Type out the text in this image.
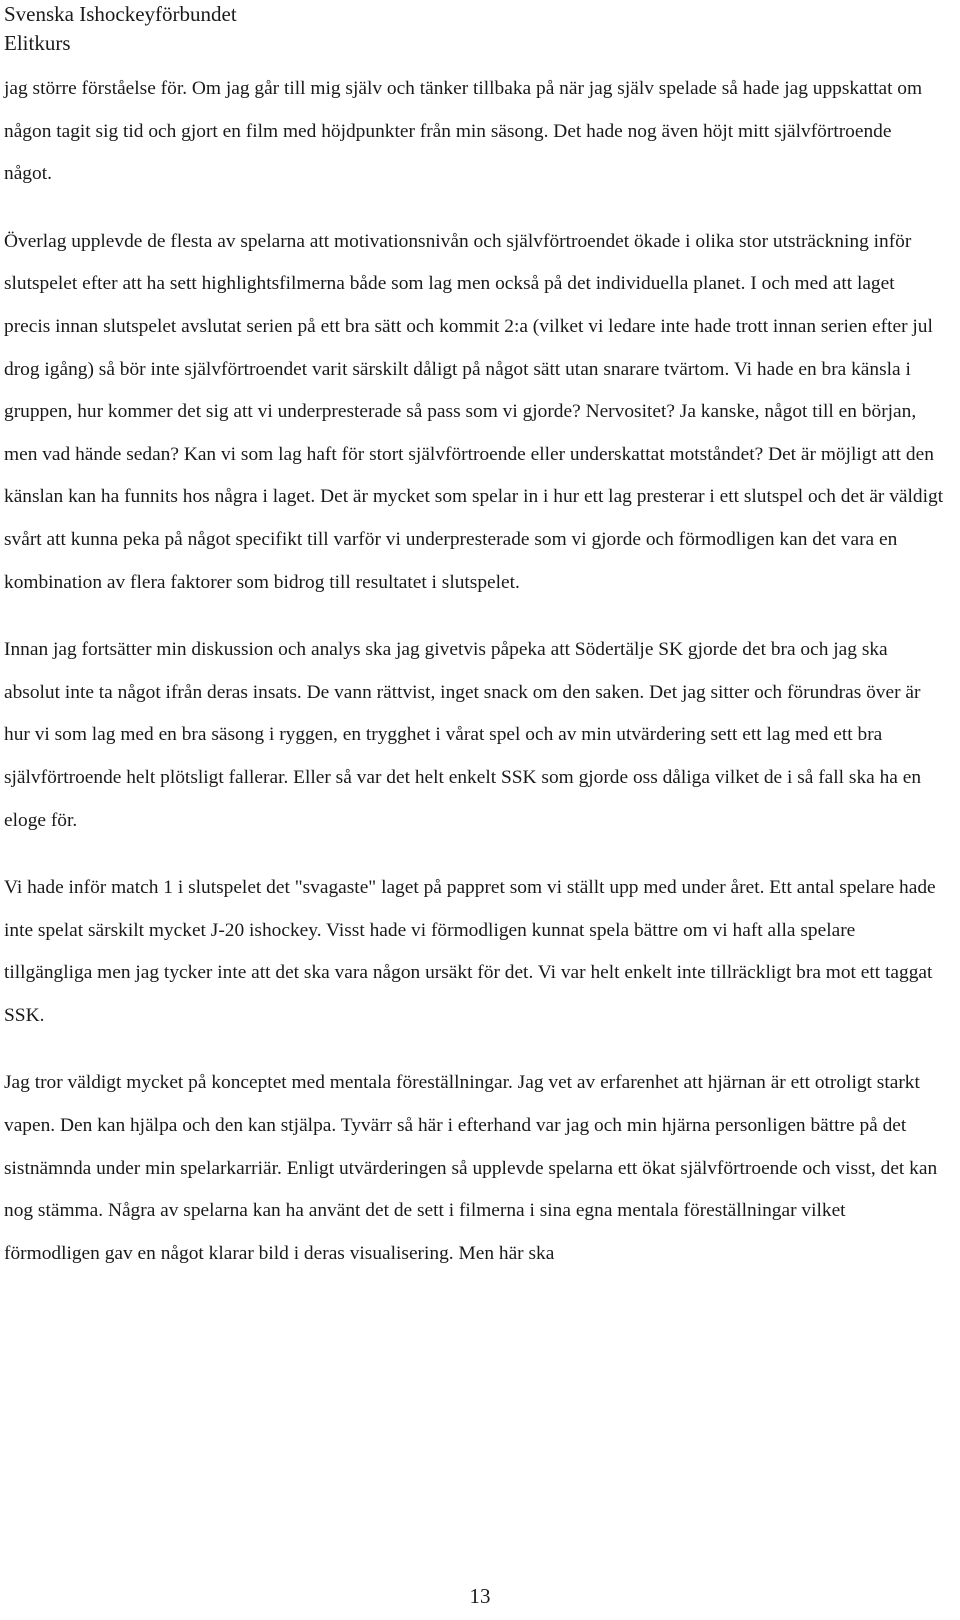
Svenska Ishockeyförbundet
Elitkurs

jag större förståelse för. Om jag går till mig själv och tänker tillbaka på när jag själv spelade så hade jag uppskattat om någon tagit sig tid och gjort en film med höjdpunkter från min säsong. Det hade nog även höjt mitt självförtroende något.

Överlag upplevde de flesta av spelarna att motivationsnivån och självförtroendet ökade i olika stor utsträckning inför slutspelet efter att ha sett highlightsfilmerna både som lag men också på det individuella planet. I och med att laget precis innan slutspelet avslutat serien på ett bra sätt och kommit 2:a (vilket vi ledare inte hade trott innan serien efter jul drog igång) så bör inte självförtroendet varit särskilt dåligt på något sätt utan snarare tvärtom. Vi hade en bra känsla i gruppen, hur kommer det sig att vi underpresterade så pass som vi gjorde? Nervositet? Ja kanske, något till en början, men vad hände sedan? Kan vi som lag haft för stort självförtroende eller underskattat motståndet? Det är möjligt att den känslan kan ha funnits hos några i laget. Det är mycket som spelar in i hur ett lag presterar i ett slutspel och det är väldigt svårt att kunna peka på något specifikt till varför vi underpresterade som vi gjorde och förmodligen kan det vara en kombination av flera faktorer som bidrog till resultatet i slutspelet.

Innan jag fortsätter min diskussion och analys ska jag givetvis påpeka att Södertälje SK gjorde det bra och jag ska absolut inte ta något ifrån deras insats. De vann rättvist, inget snack om den saken. Det jag sitter och förundras över är hur vi som lag med en bra säsong i ryggen, en trygghet i vårat spel och av min utvärdering sett ett lag med ett bra självförtroende helt plötsligt fallerar. Eller så var det helt enkelt SSK som gjorde oss dåliga vilket de i så fall ska ha en eloge för.

Vi hade inför match 1 i slutspelet det "svagaste" laget på pappret som vi ställt upp med under året. Ett antal spelare hade inte spelat särskilt mycket J-20 ishockey. Visst hade vi förmodligen kunnat spela bättre om vi haft alla spelare tillgängliga men jag tycker inte att det ska vara någon ursäkt för det. Vi var helt enkelt inte tillräckligt bra mot ett taggat SSK.

Jag tror väldigt mycket på konceptet med mentala föreställningar. Jag vet av erfarenhet att hjärnan är ett otroligt starkt vapen. Den kan hjälpa och den kan stjälpa. Tyvärr så här i efterhand var jag och min hjärna personligen bättre på det sistnämnda under min spelarkarriär. Enligt utvärderingen så upplevde spelarna ett ökat självförtroende och visst, det kan nog stämma. Några av spelarna kan ha använt det de sett i filmerna i sina egna mentala föreställningar vilket förmodligen gav en något klarar bild i deras visualisering. Men här ska

13
